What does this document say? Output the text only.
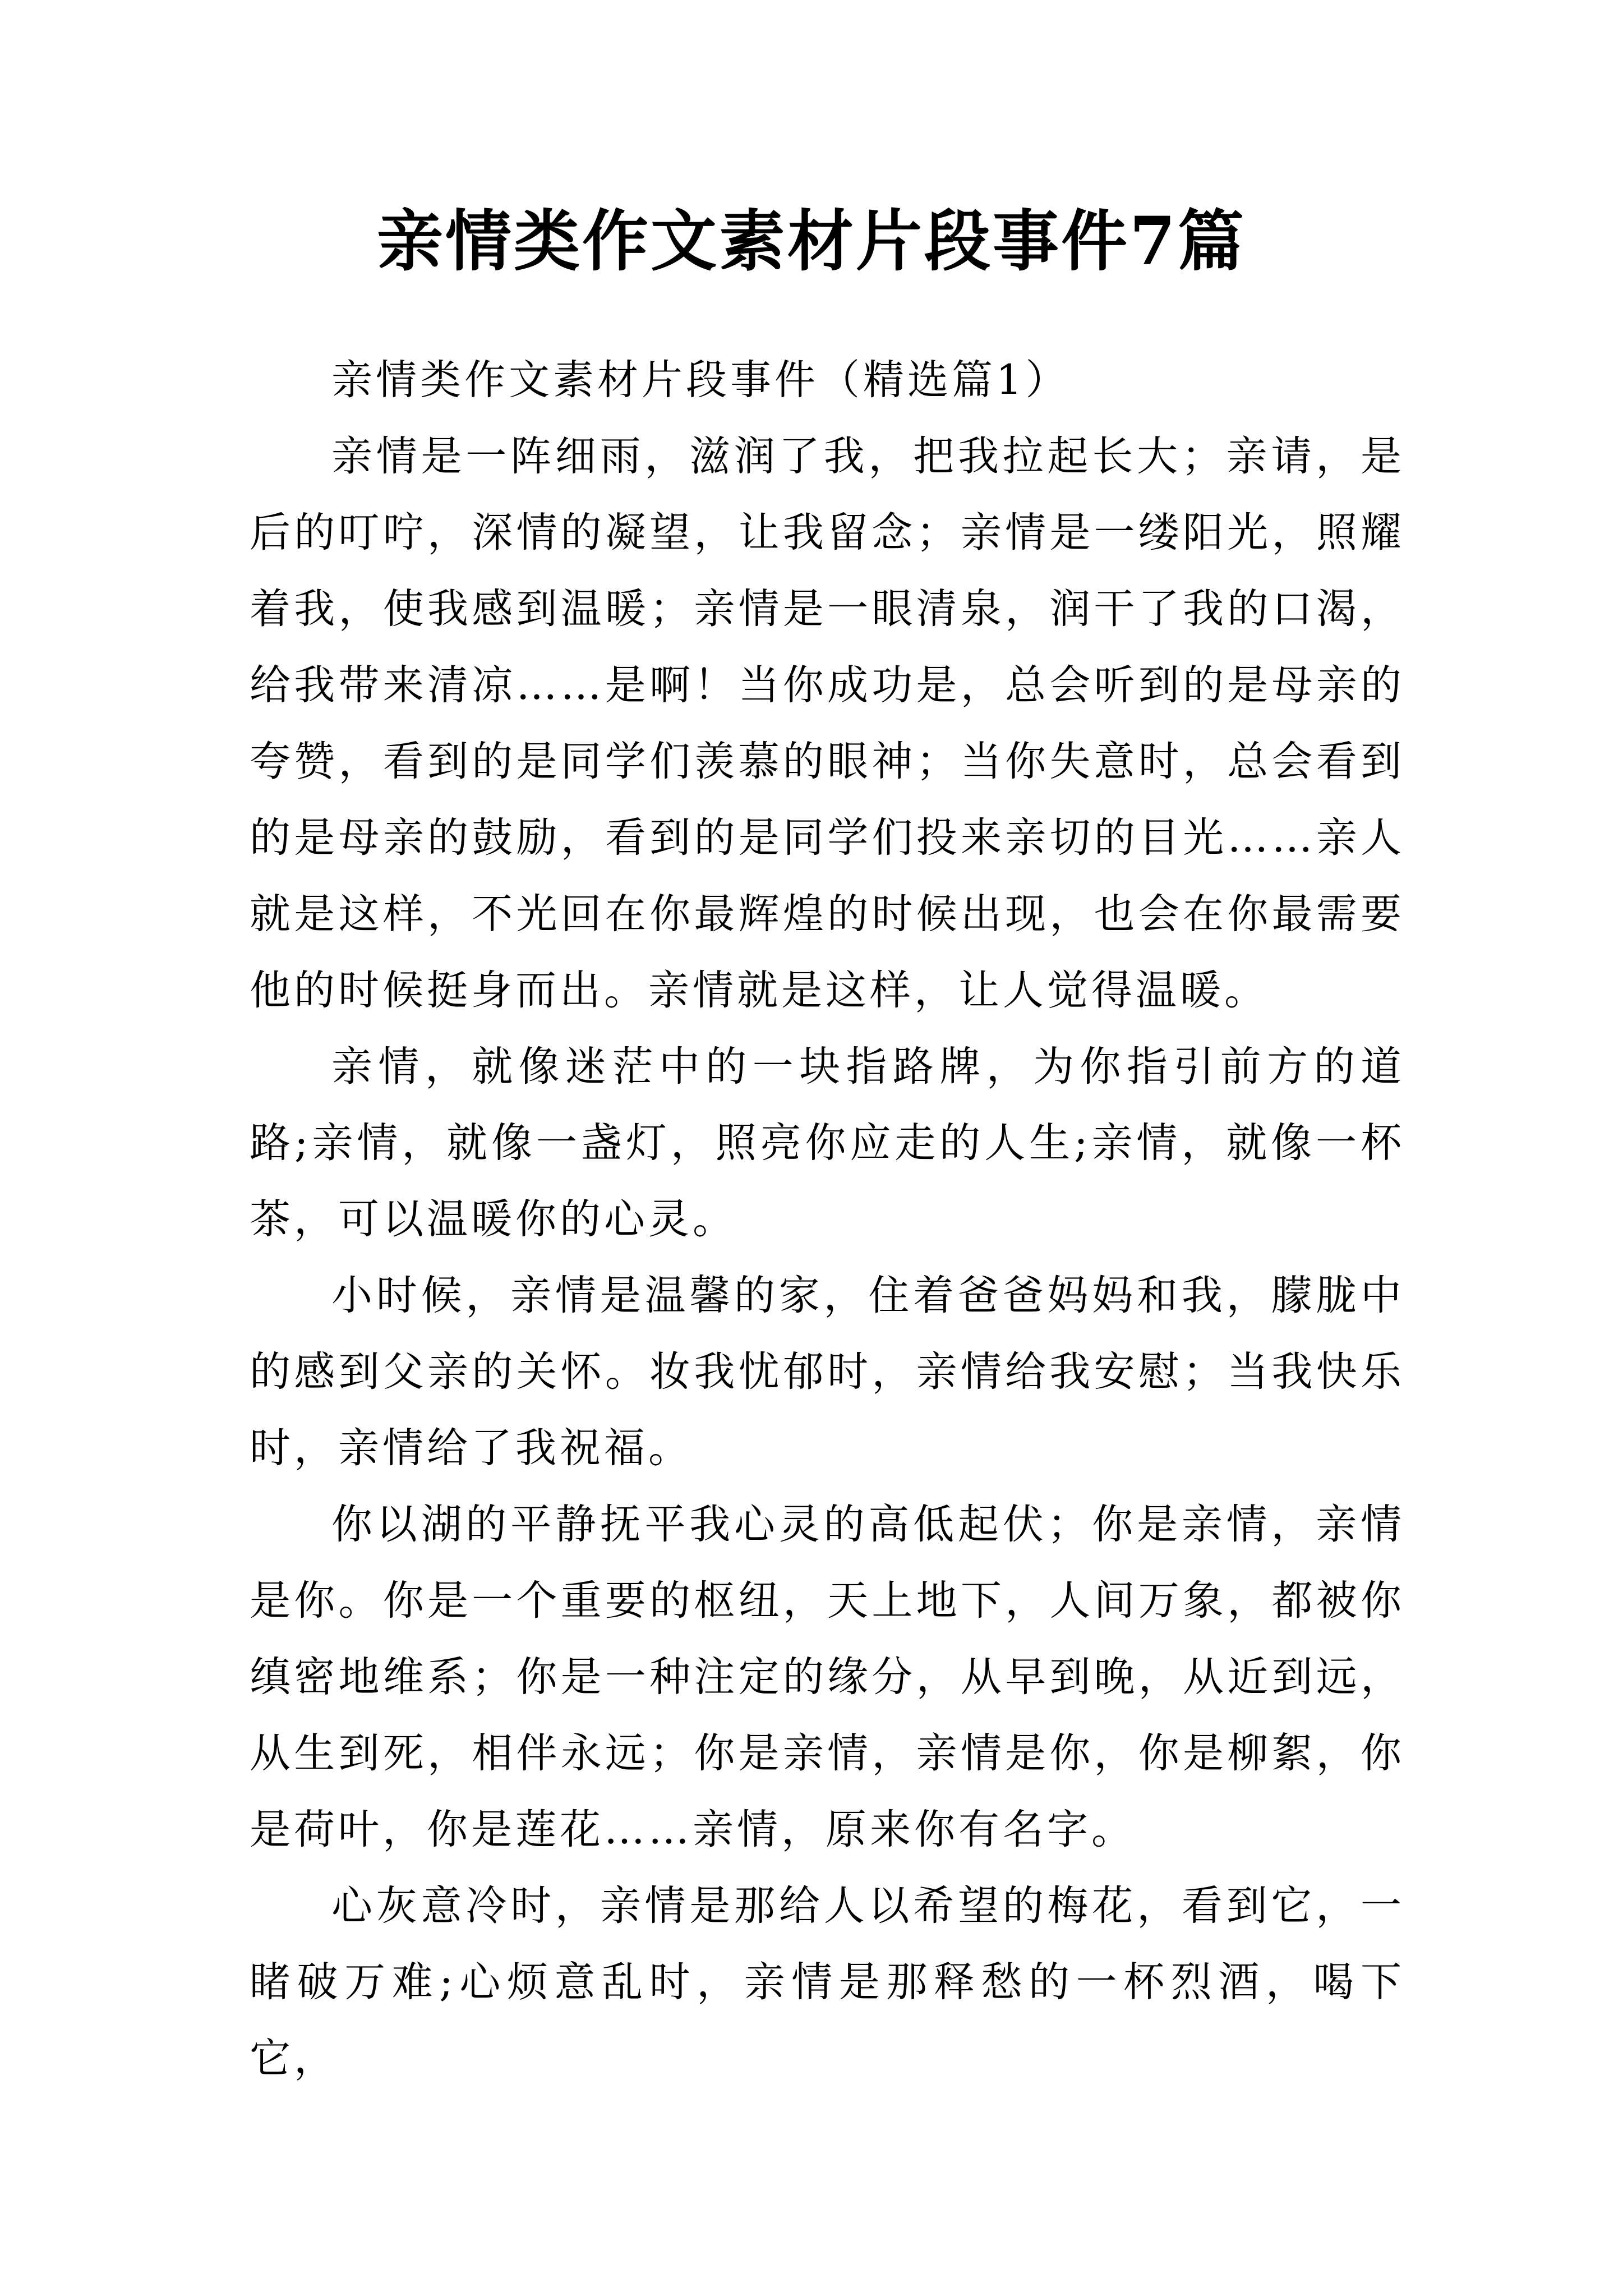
亲情类作文素材片段事件7篇

亲情类作文素材片段事件（精选篇1）

亲情是一阵细雨，滋润了我，把我拉起长大；亲请，是后的叮咛，深情的凝望，让我留念；亲情是一缕阳光，照耀着我，使我感到温暖；亲情是一眼清泉，润干了我的口渴，给我带来清凉……是啊！当你成功是，总会听到的是母亲的夸赞，看到的是同学们羡慕的眼神；当你失意时，总会看到的是母亲的鼓励，看到的是同学们投来亲切的目光……亲人就是这样，不光回在你最辉煌的时候出现，也会在你最需要他的时候挺身而出。亲情就是这样，让人觉得温暖。

亲情，就像迷茫中的一块指路牌，为你指引前方的道路;亲情，就像一盏灯，照亮你应走的人生;亲情，就像一杯茶，可以温暖你的心灵。

小时候，亲情是温馨的家，住着爸爸妈妈和我，朦胧中的感到父亲的关怀。妆我忧郁时，亲情给我安慰；当我快乐时，亲情给了我祝福。

你以湖的平静抚平我心灵的高低起伏；你是亲情，亲情是你。你是一个重要的枢纽，天上地下，人间万象，都被你缜密地维系；你是一种注定的缘分，从早到晚，从近到远，从生到死，相伴永远；你是亲情，亲情是你，你是柳絮，你是荷叶，你是莲花……亲情，原来你有名字。

心灰意冷时，亲情是那给人以希望的梅花，看到它，一睹破万难;心烦意乱时，亲情是那释愁的一杯烈酒，喝下它，
